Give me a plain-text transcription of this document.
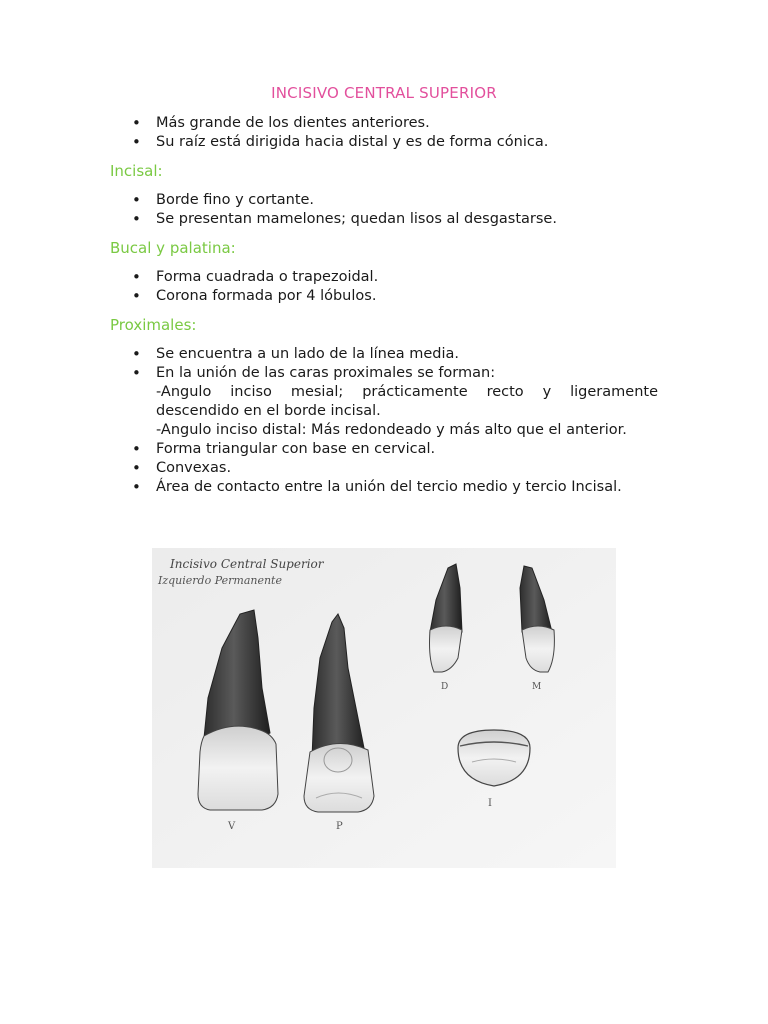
INCISIVO CENTRAL SUPERIOR
• Más grande de los dientes anteriores.
• Su raíz está dirigida hacia distal y es de forma cónica.
Incisal:
• Borde fino y cortante.
• Se presentan mamelones; quedan lisos al desgastarse.
Bucal y palatina:
• Forma cuadrada o trapezoidal.
• Corona formada por 4 lóbulos.
Proximales:
• Se encuentra a un lado de la línea media.
• En la unión de las caras proximales se forman:
-Angulo inciso mesial; prácticamente recto y ligeramente descendido en el borde incisal.
-Angulo inciso distal: Más redondeado y más alto que el anterior.
• Forma triangular con base en cervical.
• Convexas.
• Área de contacto entre la unión del tercio medio y tercio Incisal.
Incisivo Central Superior
Izquierdo Permanente
V	P
D	M
I
